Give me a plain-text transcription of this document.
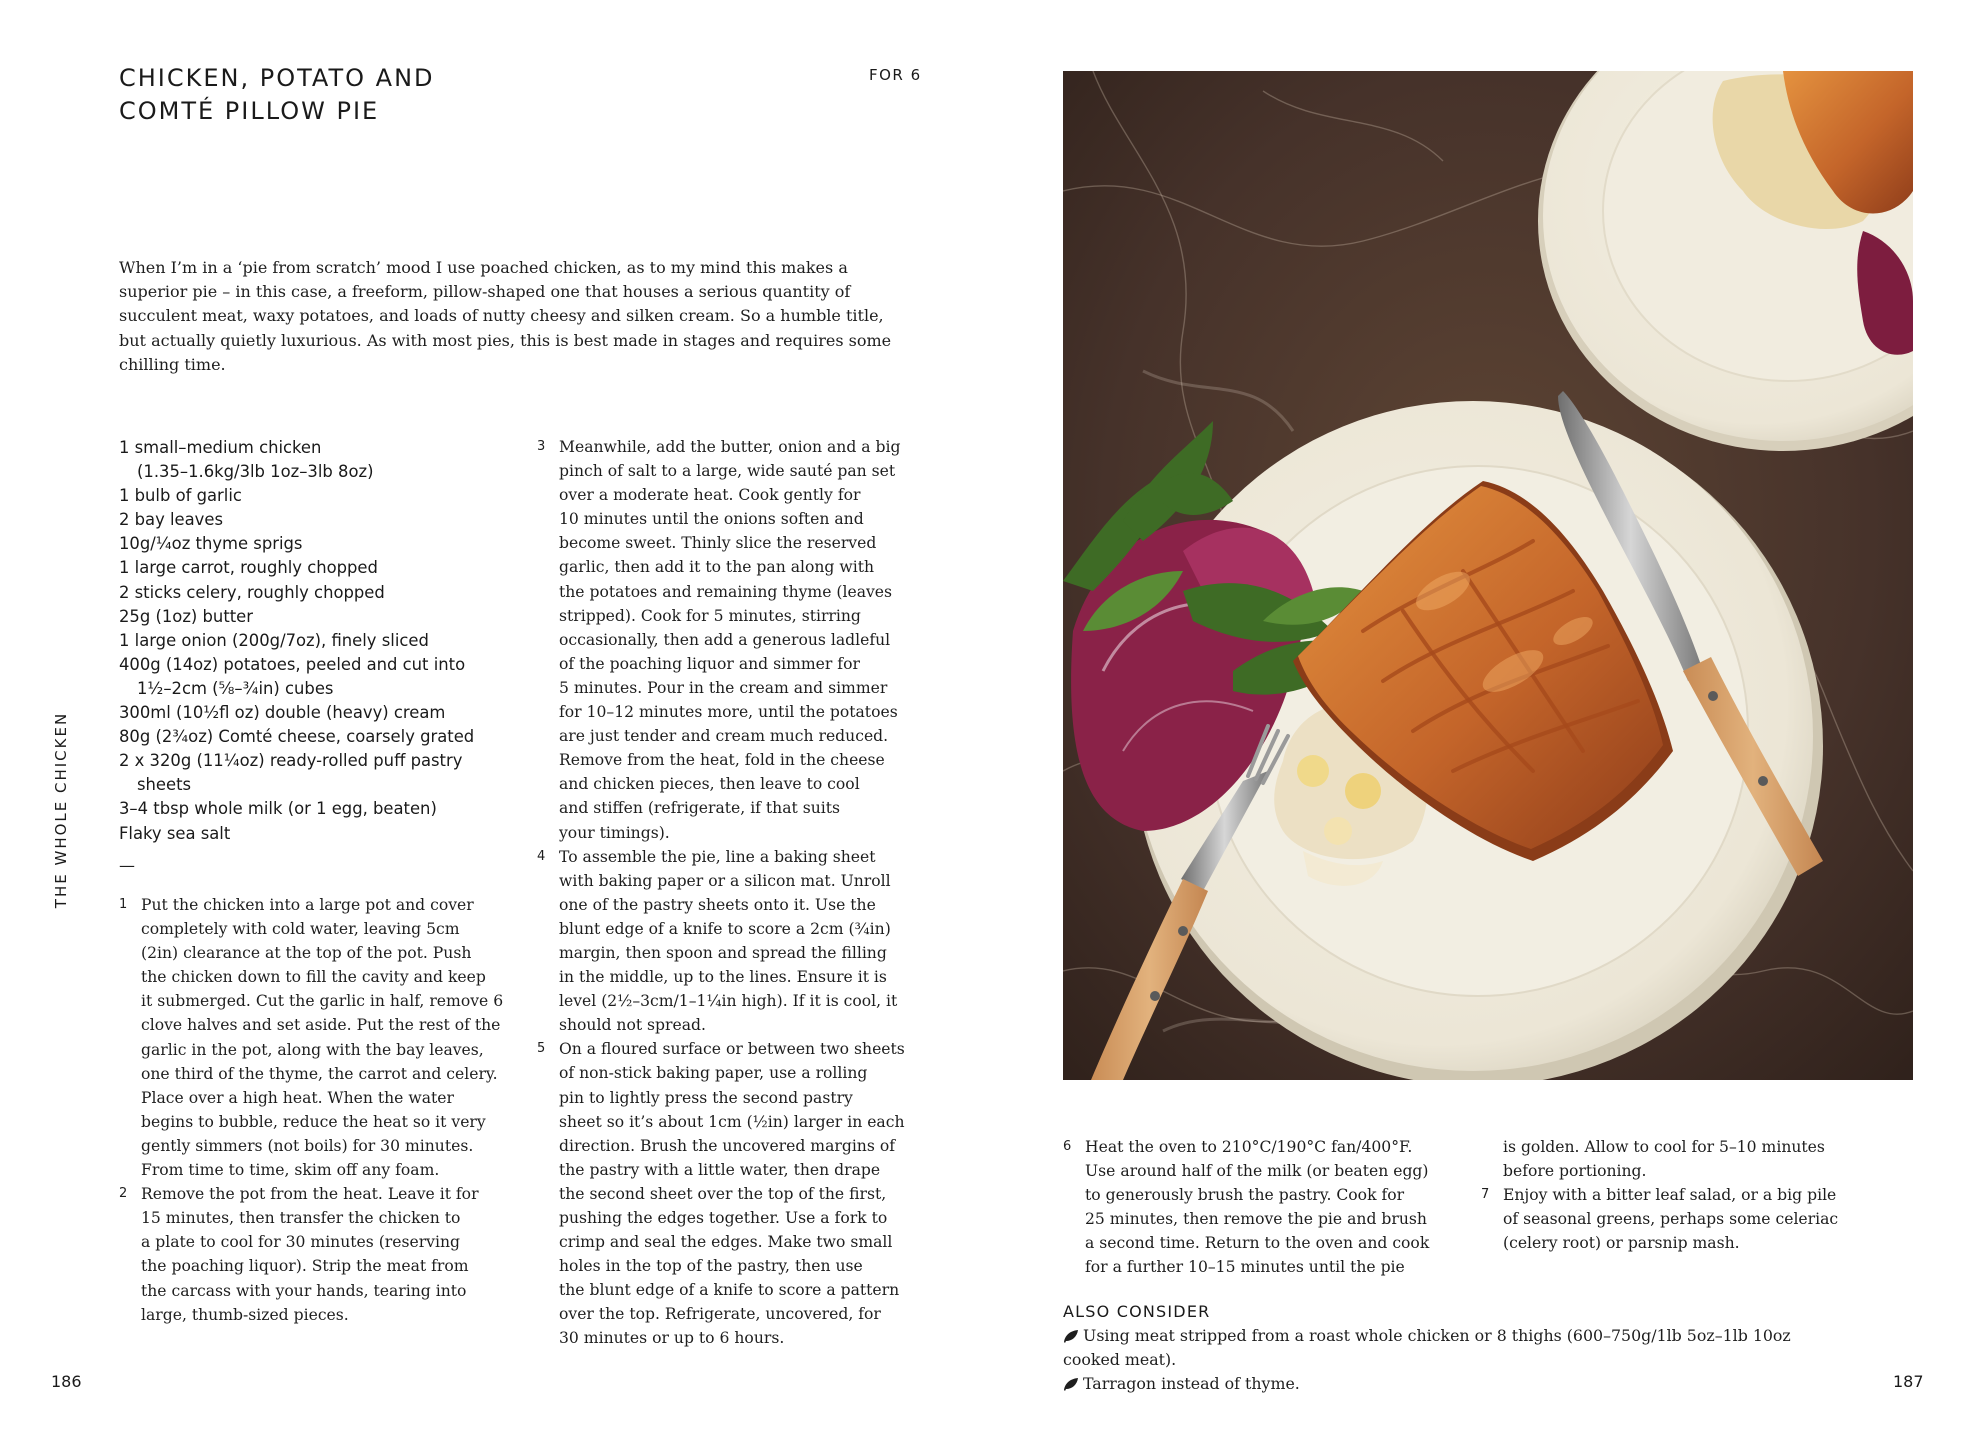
CHICKEN, POTATO AND
COMTÉ PILLOW PIE
FOR 6
When I’m in a ‘pie from scratch’ mood I use poached chicken, as to my mind this makes a
superior pie – in this case, a freeform, pillow-shaped one that houses a serious quantity of
succulent meat, waxy potatoes, and loads of nutty cheesy and silken cream. So a humble title,
but actually quietly luxurious. As with most pies, this is best made in stages and requires some
chilling time.
THE WHOLE CHICKEN
1 small–medium chicken
(1.35–1.6kg/3lb 1oz–3lb 8oz)
1 bulb of garlic
2 bay leaves
10g/¼oz thyme sprigs
1 large carrot, roughly chopped
2 sticks celery, roughly chopped
25g (1oz) butter
1 large onion (200g/7oz), finely sliced
400g (14oz) potatoes, peeled and cut into
1½–2cm (⅝–¾in) cubes
300ml (10½fl oz) double (heavy) cream
80g (2¾oz) Comté cheese, coarsely grated
2 x 320g (11¼oz) ready-rolled puff pastry
sheets
3–4 tbsp whole milk (or 1 egg, beaten)
Flaky sea salt
—
1 Put the chicken into a large pot and cover
completely with cold water, leaving 5cm
(2in) clearance at the top of the pot. Push
the chicken down to fill the cavity and keep
it submerged. Cut the garlic in half, remove 6
clove halves and set aside. Put the rest of the
garlic in the pot, along with the bay leaves,
one third of the thyme, the carrot and celery.
Place over a high heat. When the water
begins to bubble, reduce the heat so it very
gently simmers (not boils) for 30 minutes.
From time to time, skim off any foam.
2 Remove the pot from the heat. Leave it for
15 minutes, then transfer the chicken to
a plate to cool for 30 minutes (reserving
the poaching liquor). Strip the meat from
the carcass with your hands, tearing into
large, thumb-sized pieces.
3 Meanwhile, add the butter, onion and a big
pinch of salt to a large, wide sauté pan set
over a moderate heat. Cook gently for
10 minutes until the onions soften and
become sweet. Thinly slice the reserved
garlic, then add it to the pan along with
the potatoes and remaining thyme (leaves
stripped). Cook for 5 minutes, stirring
occasionally, then add a generous ladleful
of the poaching liquor and simmer for
5 minutes. Pour in the cream and simmer
for 10–12 minutes more, until the potatoes
are just tender and cream much reduced.
Remove from the heat, fold in the cheese
and chicken pieces, then leave to cool
and stiffen (refrigerate, if that suits
your timings).
4 To assemble the pie, line a baking sheet
with baking paper or a silicon mat. Unroll
one of the pastry sheets onto it. Use the
blunt edge of a knife to score a 2cm (¾in)
margin, then spoon and spread the filling
in the middle, up to the lines. Ensure it is
level (2½–3cm/1–1¼in high). If it is cool, it
should not spread.
5 On a floured surface or between two sheets
of non-stick baking paper, use a rolling
pin to lightly press the second pastry
sheet so it’s about 1cm (½in) larger in each
direction. Brush the uncovered margins of
the pastry with a little water, then drape
the second sheet over the top of the first,
pushing the edges together. Use a fork to
crimp and seal the edges. Make two small
holes in the top of the pastry, then use
the blunt edge of a knife to score a pattern
over the top. Refrigerate, uncovered, for
30 minutes or up to 6 hours.
186
6 Heat the oven to 210°C/190°C fan/400°F.
Use around half of the milk (or beaten egg)
to generously brush the pastry. Cook for
25 minutes, then remove the pie and brush
a second time. Return to the oven and cook
for a further 10–15 minutes until the pie
is golden. Allow to cool for 5–10 minutes
before portioning.
7 Enjoy with a bitter leaf salad, or a big pile
of seasonal greens, perhaps some celeriac
(celery root) or parsnip mash.
ALSO CONSIDER
Using meat stripped from a roast whole chicken or 8 thighs (600–750g/1lb 5oz–1lb 10oz
cooked meat).
Tarragon instead of thyme.	187
